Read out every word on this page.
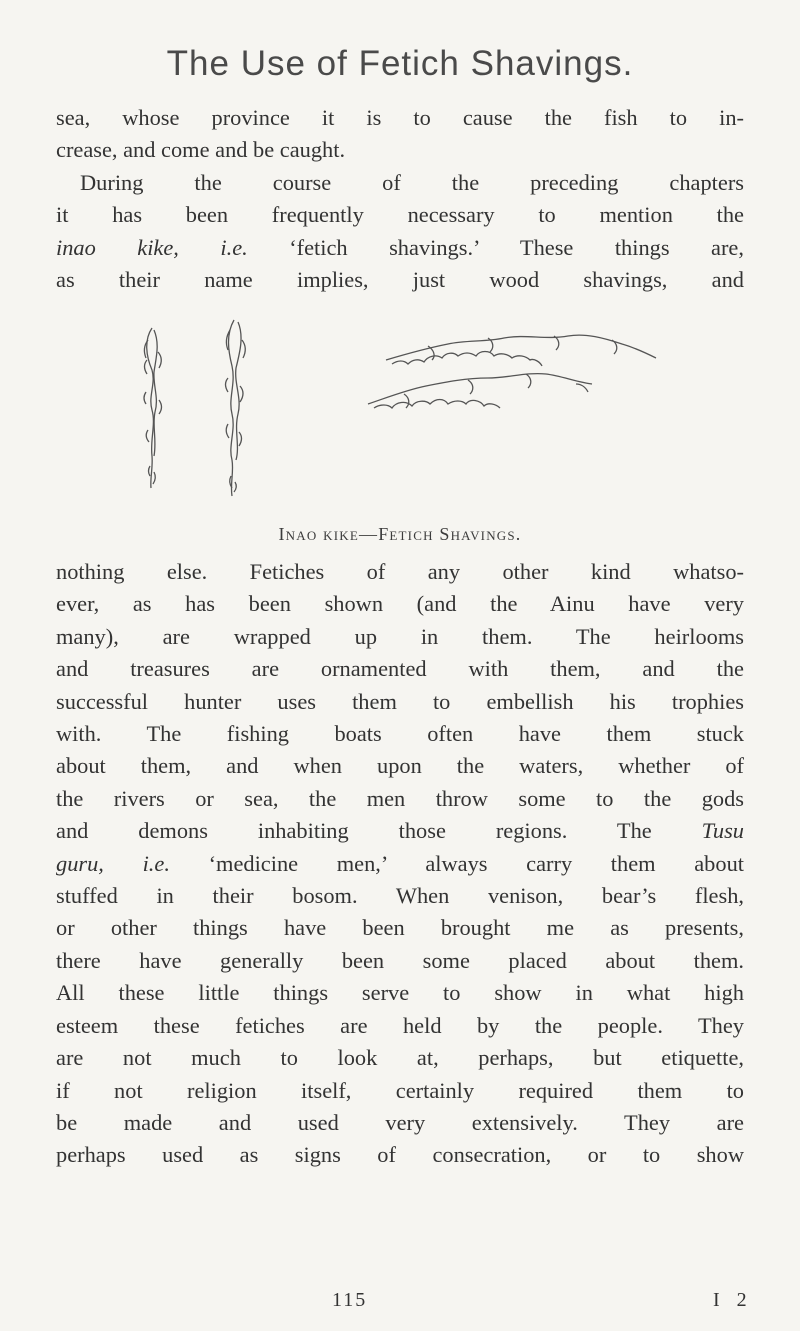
The Use of Fetich Shavings.

sea, whose province it is to cause the fish to in-

crease, and come and be caught.

During the course of the preceding chapters

it has been frequently necessary to mention the

inao kike, i.e. ‘fetich shavings.’ These things are,

as their name implies, just wood shavings, and

Inao kike—Fetich Shavings.

nothing else. Fetiches of any other kind whatso-

ever, as has been shown (and the Ainu have very

many), are wrapped up in them. The heirlooms

and treasures are ornamented with them, and the

successful hunter uses them to embellish his trophies

with. The fishing boats often have them stuck

about them, and when upon the waters, whether of

the rivers or sea, the men throw some to the gods

and demons inhabiting those regions. The Tusu

guru, i.e. ‘medicine men,’ always carry them about

stuffed in their bosom. When venison, bear’s flesh,

or other things have been brought me as presents,

there have generally been some placed about them.

All these little things serve to show in what high

esteem these fetiches are held by the people. They

are not much to look at, perhaps, but etiquette,

if not religion itself, certainly required them to

be made and used very extensively. They are

perhaps used as signs of consecration, or to show

115	I 2
